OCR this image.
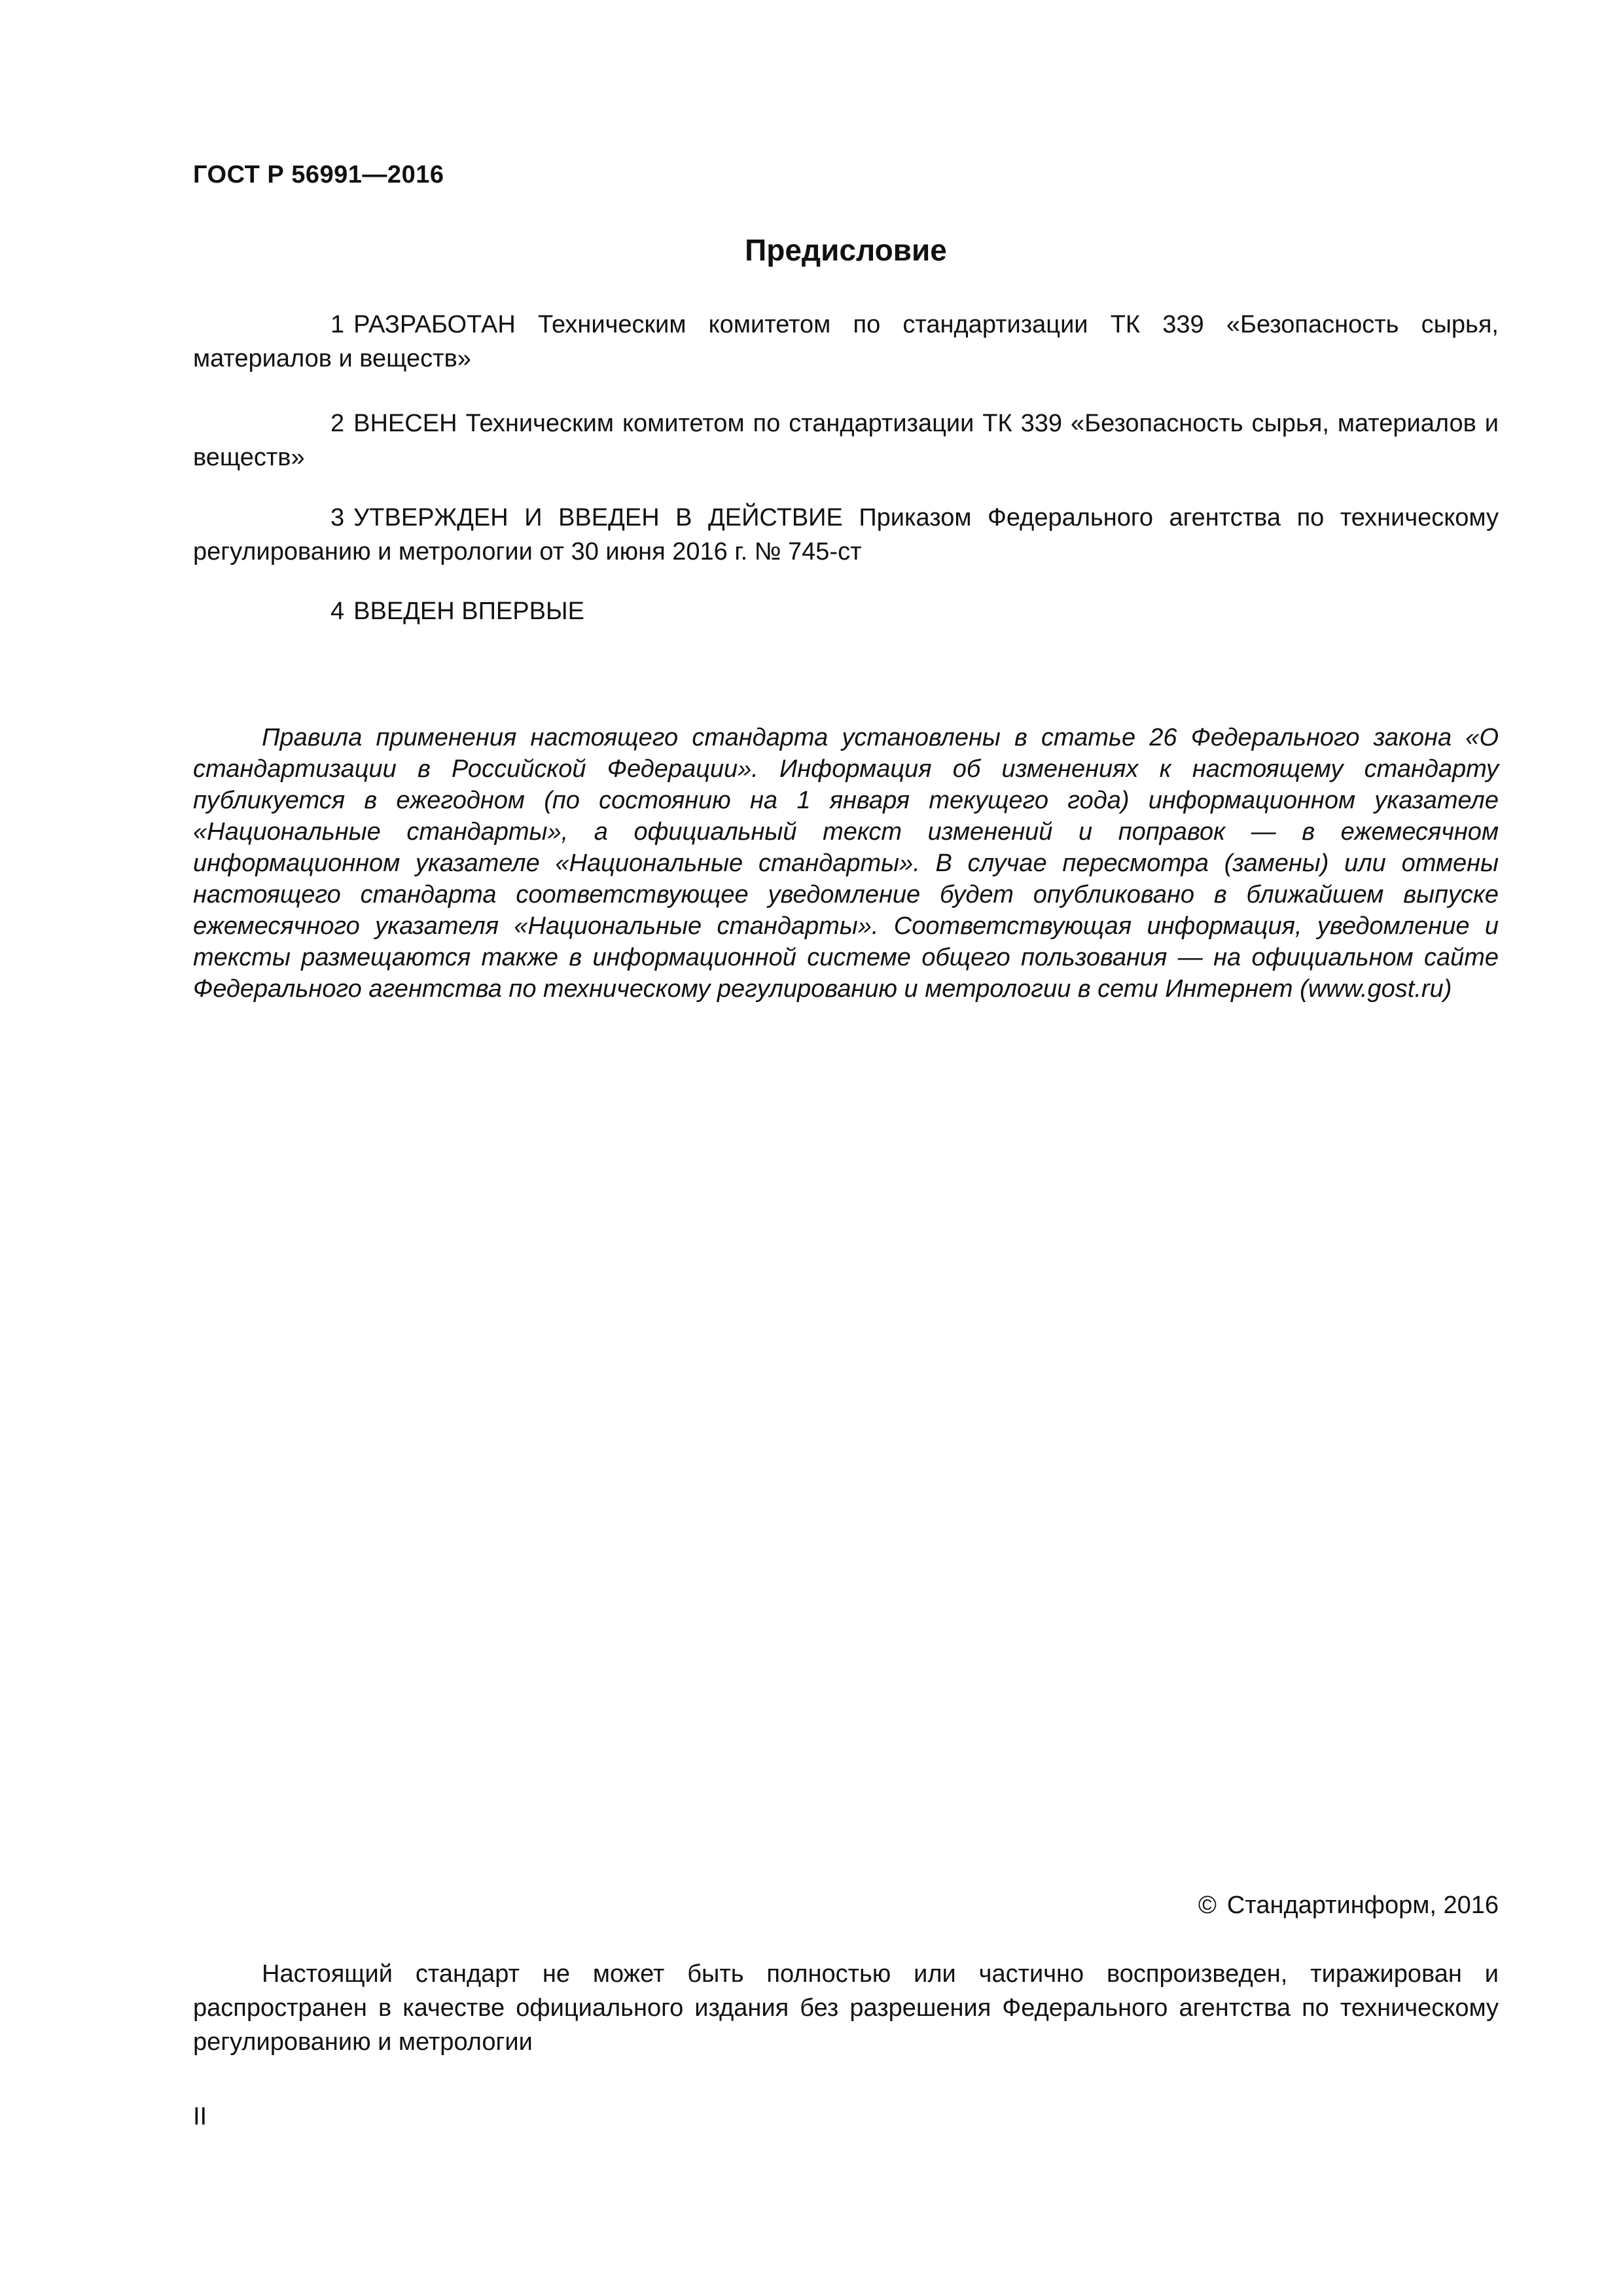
ГОСТ Р 56991—2016
Предисловие

1 РАЗРАБОТАН Техническим комитетом по стандартизации ТК 339 «Безопасность сырья, материалов и веществ»

2 ВНЕСЕН Техническим комитетом по стандартизации ТК 339 «Безопасность сырья, материалов и веществ»

3 УТВЕРЖДЕН И ВВЕДЕН В ДЕЙСТВИЕ Приказом Федерального агентства по техническому регулированию и метрологии от 30 июня 2016 г. № 745-ст

4 ВВЕДЕН ВПЕРВЫЕ

Правила применения настоящего стандарта установлены в статье 26 Федерального закона «О стандартизации в Российской Федерации». Информация об изменениях к настоящему стандарту публикуется в ежегодном (по состоянию на 1 января текущего года) информационном указателе «Национальные стандарты», а официальный текст изменений и поправок — в ежемесячном информационном указателе «Национальные стандарты». В случае пересмотра (замены) или отмены настоящего стандарта соответствующее уведомление будет опубликовано в ближайшем выпуске ежемесячного указателя «Национальные стандарты». Соответствующая информация, уведомление и тексты размещаются также в информационной системе общего пользования — на официальном сайте Федерального агентства по техническому регулированию и метрологии в сети Интернет (www.gost.ru)

© Стандартинформ, 2016

Настоящий стандарт не может быть полностью или частично воспроизведен, тиражирован и распространен в качестве официального издания без разрешения Федерального агентства по техническому регулированию и метрологии

II
